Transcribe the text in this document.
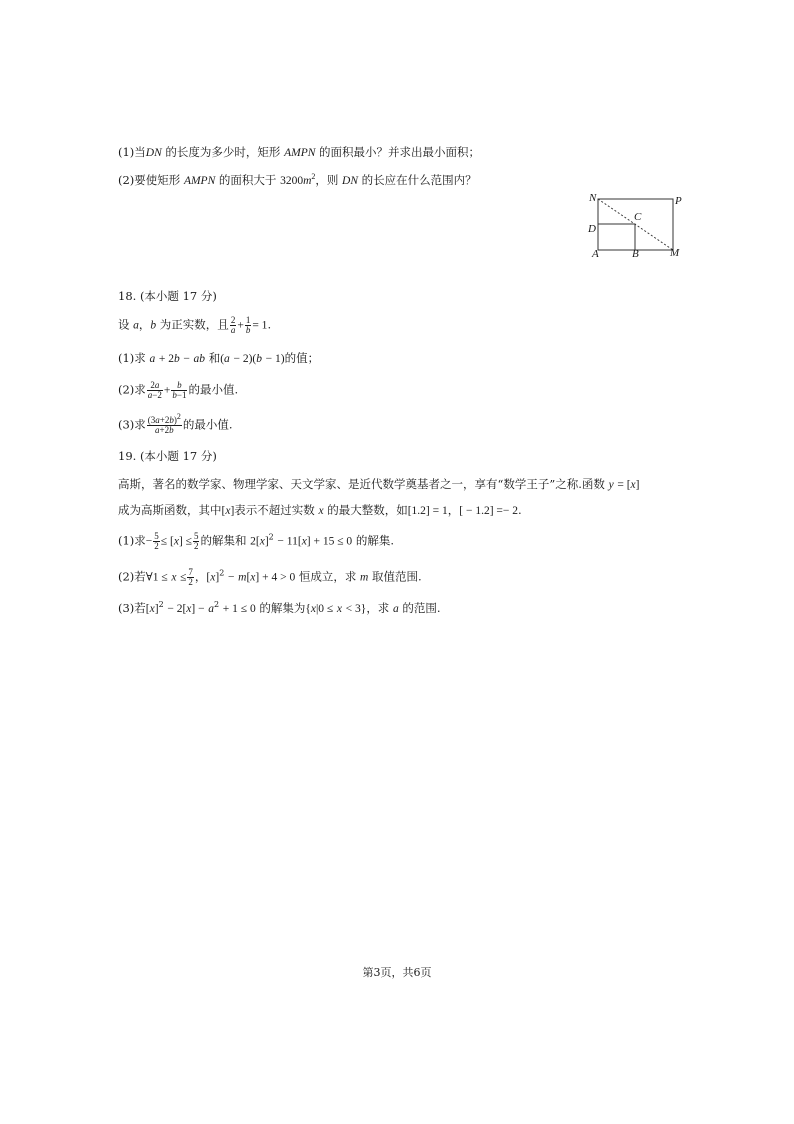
(1)当DN 的长度为多少时，矩形 AMPN 的面积最小？并求出最小面积；
(2)要使矩形 AMPN 的面积大于 $3200m^2$，则 DN 的长应在什么范围内？
N	P
C
D
A	B	M
18. (本小题 17 分)
设 a，b 为正实数，且 $\frac{2}{a} + \frac{1}{b} = 1$.
(1)求 a + 2b − ab 和(a − 2)(b − 1)的值；
(2)求 $\frac{2a}{a-2} + \frac{b}{b-1}$ 的最小值.
(3)求 $\frac{(3a+2b)^2}{a+2b}$ 的最小值.
19. (本小题 17 分)
高斯，著名的数学家、物理学家、天文学家、是近代数学奠基者之一，享有“数学王子”之称.函数 y = [x]
成为高斯函数，其中[x]表示不超过实数 x 的最大整数，如[1.2] = 1，[ − 1.2] =− 2.
(1)求− $\frac{5}{2} \le [x] \le \frac{5}{2}$ 的解集和 $2[x]^2 - 11[x] + 15 \le 0$ 的解集.
(2)若∀1 ≤ $x \le \frac{7}{2}$ ，$[x]^2 - m[x] + 4 > 0$ 恒成立，求 m 取值范围.
(3)若$[x]^2 - 2[x] - a^2 + 1 \le 0$ 的解集为{x|0 ≤ x < 3}，求 a 的范围.
第3页，共6页
